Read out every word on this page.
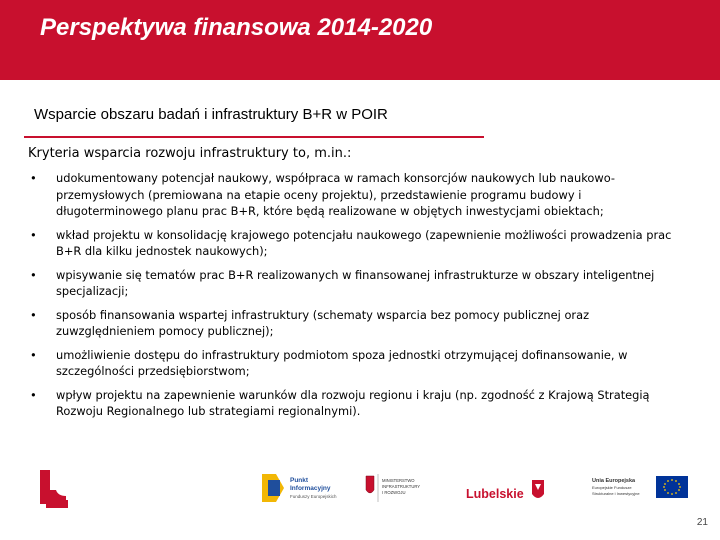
Perspektywa finansowa 2014-2020
Wsparcie obszaru badań i infrastruktury B+R w POIR
Kryteria wsparcia rozwoju infrastruktury to, m.in.:
• udokumentowany potencjał naukowy, współpraca w ramach konsorcjów naukowych lub naukowo-przemysłowych (premiowana na etapie oceny projektu), przedstawienie programu budowy i długoterminowego planu prac B+R, które będą realizowane w objętych inwestycjami obiektach;
• wkład projektu w konsolidację krajowego potencjału naukowego (zapewnienie możliwości prowadzenia prac B+R dla kilku jednostek naukowych);
• wpisywanie się tematów prac B+R realizowanych w finansowanej infrastrukturze w obszary inteligentnej specjalizacji;
• sposób finansowania wspartej infrastruktury (schematy wsparcia bez pomocy publicznej oraz zuwzględnieniem pomocy publicznej);
• umożliwienie dostępu do infrastruktury podmiotom spoza jednostki otrzymującej dofinansowanie, w szczególności przedsiębiorstwom;
• wpływ projektu na zapewnienie warunków dla rozwoju regionu i kraju (np. zgodność z Krajową Strategią Rozwoju Regionalnego lub strategiami regionalnymi).
Punkt
Informacyjny
Funduszy Europejskich
MINISTERSTWO
INFRASTRUKTURY
I ROZWOJU	Lubelskie
Unia Europejska
Europejskie Fundusze
Strukturalne i Inwestycyjne
21
